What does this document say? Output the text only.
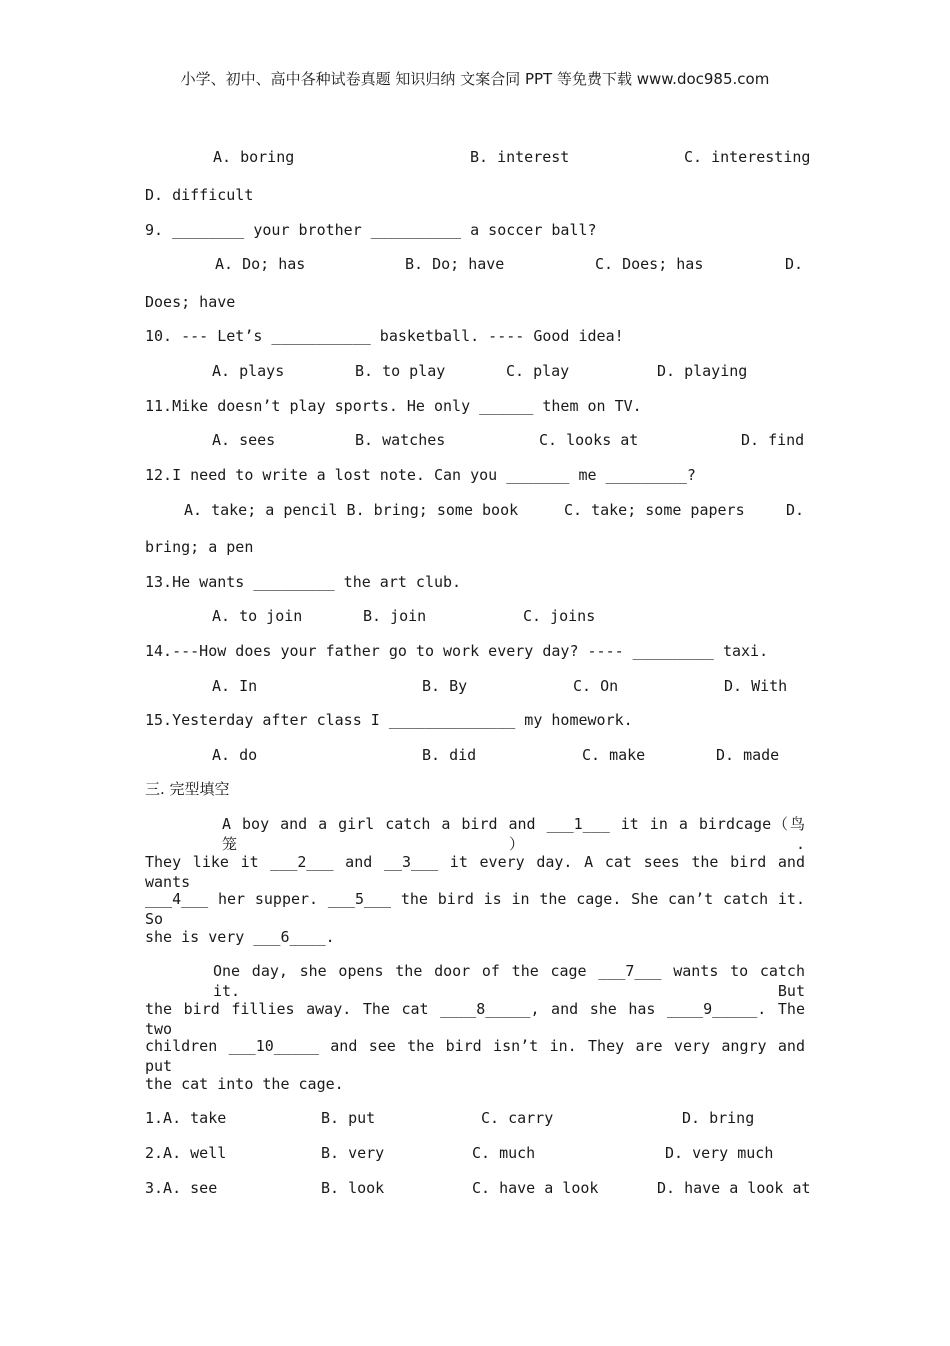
小学、初中、高中各种试卷真题 知识归纳 文案合同 PPT 等免费下载 www.doc985.com
A. boring	B. interest	C. interesting
D. difficult
9. ________ your brother __________ a soccer ball?
A. Do; has	B. Do; have	C. Does; has	D.
Does; have
10. --- Let’s ___________ basketball. ---- Good idea!
A. plays	B. to play	C. play	D. playing
11.Mike doesn’t play sports. He only ______ them on TV.
A. sees	B. watches	C. looks at	D. find
12.I need to write a lost note. Can you _______ me _________?
A. take; a pencil B. bring; some book	C. take; some papers	D.
bring; a pen
13.He wants _________ the art club.
A. to join	B. join	C. joins
14.---How does your father go to work every day? ---- _________ taxi.
A. In	B. By	C. On	D. With
15.Yesterday after class I ______________ my homework.
A. do	B. did	C. make	D. made
三. 完型填空
A boy and a girl catch a bird and ___1___ it in a birdcage（鸟笼）.
They like it ___2___ and __3___ it every day. A cat sees the bird and wants
___4___ her supper. ___5___ the bird is in the cage. She can’t catch it. So
she is very ___6____.
One day, she opens the door of the cage ___7___ wants to catch it. But
the bird fillies away. The cat ____8_____, and she has ____9_____. The two
children ___10_____ and see the bird isn’t in. They are very angry and put
the cat into the cage.
1.A. take	B. put	C. carry	D. bring
2.A. well	B. very	C. much	D. very much
3.A. see	B. look	C. have a look	D. have a look at
